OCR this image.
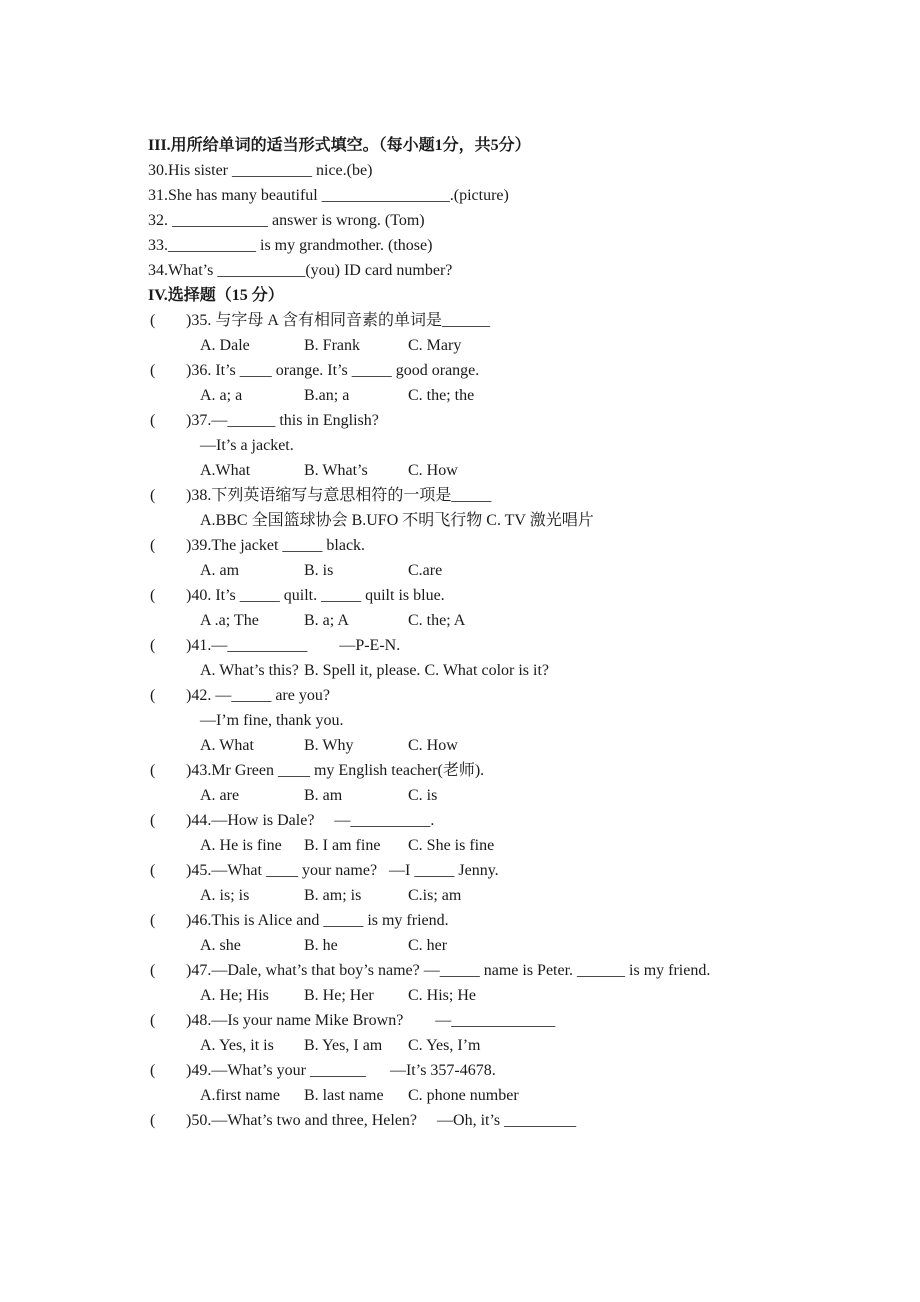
III.用所给单词的适当形式填空。（每小题1分，共5分）
30.His sister __________ nice.(be)
31.She has many beautiful ________________.(picture)
32. ____________ answer is wrong. (Tom)
33.___________ is my grandmother. (those)
34.What’s ___________(you) ID card number?
IV.选择题（15 分）
( )35. 与字母 A 含有相同音素的单词是______
A. Dale	B. Frank	C. Mary
( )36. It’s ____ orange. It’s _____ good orange.
A. a; a	B.an; a	C. the; the
( )37.—______ this in English?
—It’s a jacket.
A.What	B. What’s	C. How
( )38.下列英语缩写与意思相符的一项是_____
A.BBC 全国篮球协会 B.UFO 不明飞行物 C. TV 激光唱片
( )39.The jacket _____ black.
A. am	B. is	C.are
( )40. It’s _____ quilt. _____ quilt is blue.
A .a; The	B. a; A	C. the; A
( )41.—__________        —P-E-N.
A. What’s this? B. Spell it, please. C. What color is it?
( )42. —_____ are you?
—I’m fine, thank you.
A. What	B. Why	C. How
( )43.Mr Green ____ my English teacher(老师).
A. are	B. am	C. is
( )44.—How is Dale?     —__________.
A. He is fine	B. I am fine	C. She is fine
( )45.—What ____ your name?   —I _____ Jenny.
A. is; is	B. am; is	C.is; am
( )46.This is Alice and _____ is my friend.
A. she	B. he	C. her
( )47.—Dale, what’s that boy’s name? —_____ name is Peter. ______ is my friend.
A. He; His	B. He; Her	C. His; He
( )48.—Is your name Mike Brown?        —_____________
A. Yes, it is	B. Yes, I am	C. Yes, I’m
( )49.—What’s your _______      —It’s 357-4678.
A.first name	B. last name	C. phone number
( )50.—What’s two and three, Helen?     —Oh, it’s _________
